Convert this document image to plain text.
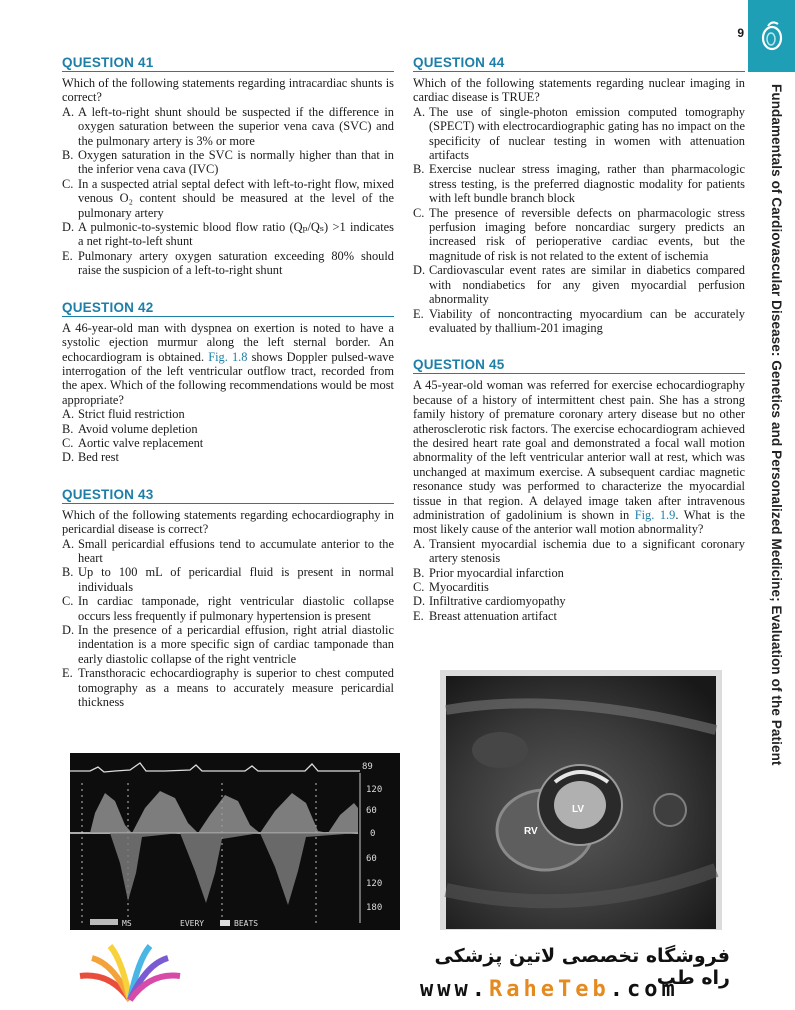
9
Fundamentals of Cardiovascular Disease: Genetics and Personalized Medicine; Evaluation of the Patient
QUESTION 41

Which of the following statements regarding intracardiac shunts is correct?

A. A left-to-right shunt should be suspected if the difference in oxygen saturation between the superior vena cava (SVC) and the pulmonary artery is 3% or more
B. Oxygen saturation in the SVC is normally higher than that in the inferior vena cava (IVC)
C. In a suspected atrial septal defect with left-to-right flow, mixed venous O₂ content should be measured at the level of the pulmonary artery
D. A pulmonic-to-systemic blood flow ratio (Qₚ/Qₛ) >1 indicates a net right-to-left shunt
E. Pulmonary artery oxygen saturation exceeding 80% should raise the suspicion of a left-to-right shunt
QUESTION 42

A 46-year-old man with dyspnea on exertion is noted to have a systolic ejection murmur along the left sternal border. An echocardiogram is obtained. Fig. 1.8 shows Doppler pulsed-wave interrogation of the left ventricular outflow tract, recorded from the apex. Which of the following recommendations would be most appropriate?

A. Strict fluid restriction
B. Avoid volume depletion
C. Aortic valve replacement
D. Bed rest
QUESTION 43

Which of the following statements regarding echocardiography in pericardial disease is correct?

A. Small pericardial effusions tend to accumulate anterior to the heart
B. Up to 100 mL of pericardial fluid is present in normal individuals
C. In cardiac tamponade, right ventricular diastolic collapse occurs less frequently if pulmonary hypertension is present
D. In the presence of a pericardial effusion, right atrial diastolic indentation is a more specific sign of cardiac tamponade than early diastolic collapse of the right ventricle
E. Transthoracic echocardiography is superior to chest computed tomography as a means to accurately measure pericardial thickness
QUESTION 44

Which of the following statements regarding nuclear imaging in cardiac disease is TRUE?

A. The use of single-photon emission computed tomography (SPECT) with electrocardiographic gating has no impact on the specificity of nuclear testing in women with attenuation artifacts
B. Exercise nuclear stress imaging, rather than pharmacologic stress testing, is the preferred diagnostic modality for patients with left bundle branch block
C. The presence of reversible defects on pharmacologic stress perfusion imaging before noncardiac surgery predicts an increased risk of perioperative cardiac events, but the magnitude of risk is not related to the extent of ischemia
D. Cardiovascular event rates are similar in diabetics compared with nondiabetics for any given myocardial perfusion abnormality
E. Viability of noncontracting myocardium can be accurately evaluated by thallium-201 imaging
QUESTION 45

A 45-year-old woman was referred for exercise echocardiography because of a history of intermittent chest pain. She has a strong family history of premature coronary artery disease but no other atherosclerotic risk factors. The exercise echocardiogram achieved the desired heart rate goal and demonstrated a focal wall motion abnormality of the left ventricular anterior wall at rest, which was unchanged at maximum exercise. A subsequent cardiac magnetic resonance study was performed to characterize the myocardial tissue in that region. A delayed image taken after intravenous administration of gadolinium is shown in Fig. 1.9. What is the most likely cause of the anterior wall motion abnormality?

A. Transient myocardial ischemia due to a significant coronary artery stenosis
B. Prior myocardial infarction
C. Myocarditis
D. Infiltrative cardiomyopathy
E. Breast attenuation artifact
89
120
60
0
60
120
180
MS	EVERY	BEATS
LV
RV
فروشگاه تخصصی لاتین پزشکی راه طب
www.RaheTeb.com
